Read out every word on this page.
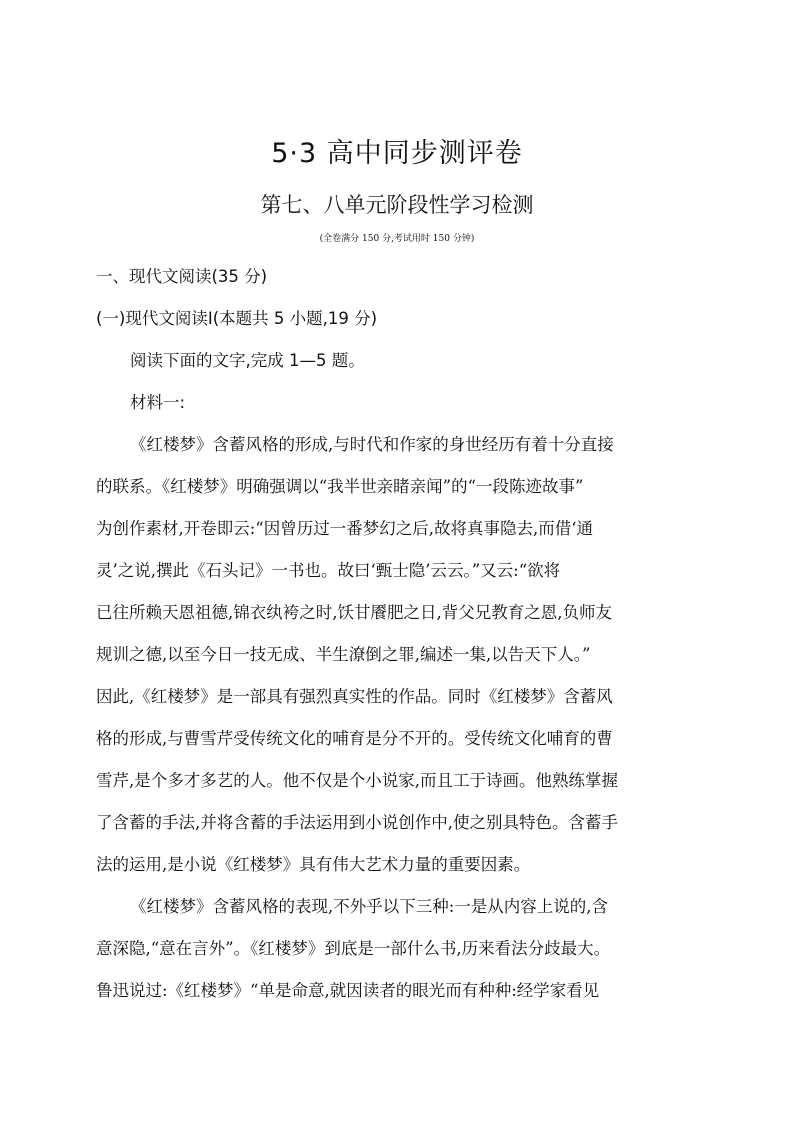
5·3 高中同步测评卷
第七、八单元阶段性学习检测
(全卷满分 150 分,考试用时 150 分钟)
一、现代文阅读(35 分)
(一)现代文阅读Ⅰ(本题共 5 小题,19 分)
阅读下面的文字,完成 1—5 题。
材料一:
《红楼梦》含蓄风格的形成,与时代和作家的身世经历有着十分直接
的联系。《红楼梦》明确强调以“我半世亲睹亲闻”的“一段陈迹故事”
为创作素材,开卷即云:“因曾历过一番梦幻之后,故将真事隐去,而借‘通
灵’之说,撰此《石头记》一书也。故曰‘甄士隐’云云。”又云:“欲将
已往所赖天恩祖德,锦衣纨袴之时,饫甘餍肥之日,背父兄教育之恩,负师友
规训之德,以至今日一技无成、半生潦倒之罪,编述一集,以告天下人。”
因此,《红楼梦》是一部具有强烈真实性的作品。同时《红楼梦》含蓄风
格的形成,与曹雪芹受传统文化的哺育是分不开的。受传统文化哺育的曹
雪芹,是个多才多艺的人。他不仅是个小说家,而且工于诗画。他熟练掌握
了含蓄的手法,并将含蓄的手法运用到小说创作中,使之别具特色。含蓄手
法的运用,是小说《红楼梦》具有伟大艺术力量的重要因素。
《红楼梦》含蓄风格的表现,不外乎以下三种:一是从内容上说的,含
意深隐,“意在言外”。《红楼梦》到底是一部什么书,历来看法分歧最大。
鲁迅说过:《红楼梦》“单是命意,就因读者的眼光而有种种:经学家看见
